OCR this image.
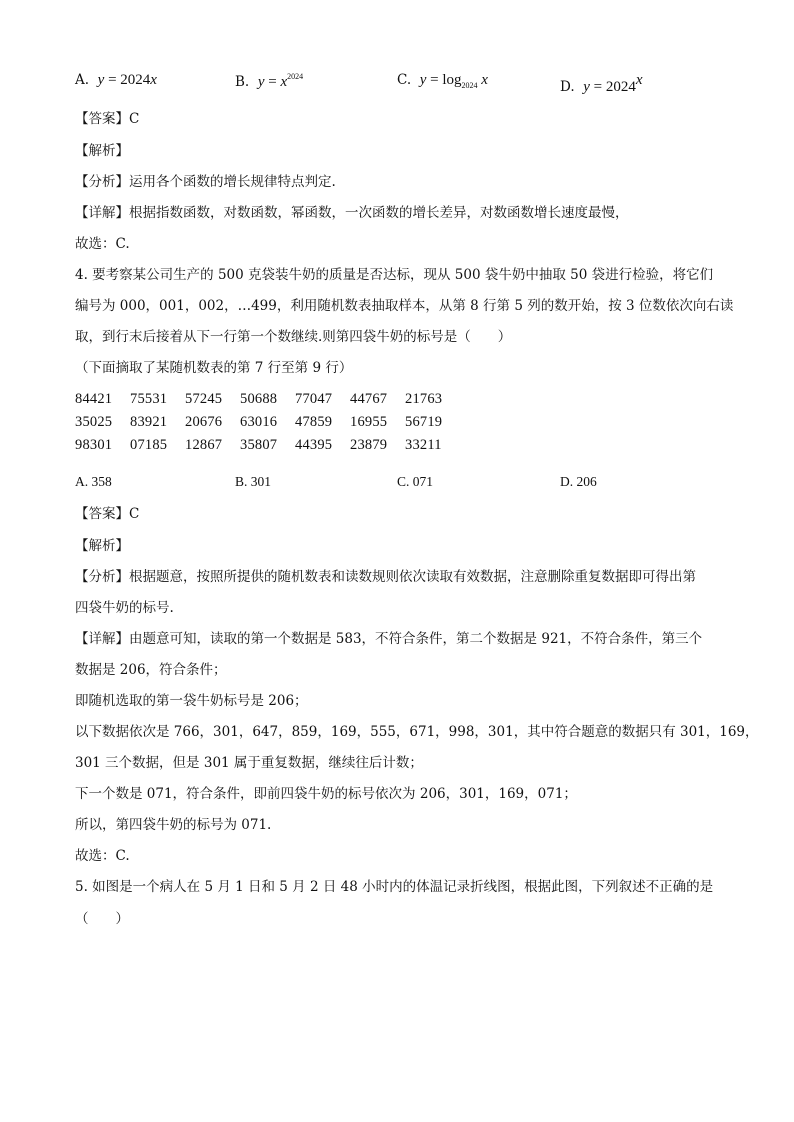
A. y = 2024x	B. $y = x^{2024}$	C. $y = \log_{2024} x$	D. $y = 2024^x$
【答案】C
【解析】
【分析】运用各个函数的增长规律特点判定.
【详解】根据指数函数，对数函数，幂函数，一次函数的增长差异，对数函数增长速度最慢，
故选：C.
4. 要考察某公司生产的 500 克袋装牛奶的质量是否达标，现从 500 袋牛奶中抽取 50 袋进行检验，将它们
编号为 000，001，002，…499，利用随机数表抽取样本，从第 8 行第 5 列的数开始，按 3 位数依次向右读
取，到行末后接着从下一行第一个数继续.则第四袋牛奶的标号是（　　）
（下面摘取了某随机数表的第 7 行至第 9 行）
84421 75531 57245 50688 77047 44767 21763
35025 83921 20676 63016 47859 16955 56719
98301 07185 12867 35807 44395 23879 33211
A. 358	B. 301	C. 071	D. 206
【答案】C
【解析】
【分析】根据题意，按照所提供的随机数表和读数规则依次读取有效数据，注意删除重复数据即可得出第
四袋牛奶的标号.
【详解】由题意可知，读取的第一个数据是 583，不符合条件，第二个数据是 921，不符合条件，第三个
数据是 206，符合条件；
即随机选取的第一袋牛奶标号是 206；
以下数据依次是 766，301，647，859，169，555，671，998，301，其中符合题意的数据只有 301，169，
301 三个数据，但是 301 属于重复数据，继续往后计数；
下一个数是 071，符合条件，即前四袋牛奶的标号依次为 206，301，169，071；
所以，第四袋牛奶的标号为 071.
故选：C.
5. 如图是一个病人在 5 月 1 日和 5 月 2 日 48 小时内的体温记录折线图，根据此图，下列叙述不正确的是
（　　）
